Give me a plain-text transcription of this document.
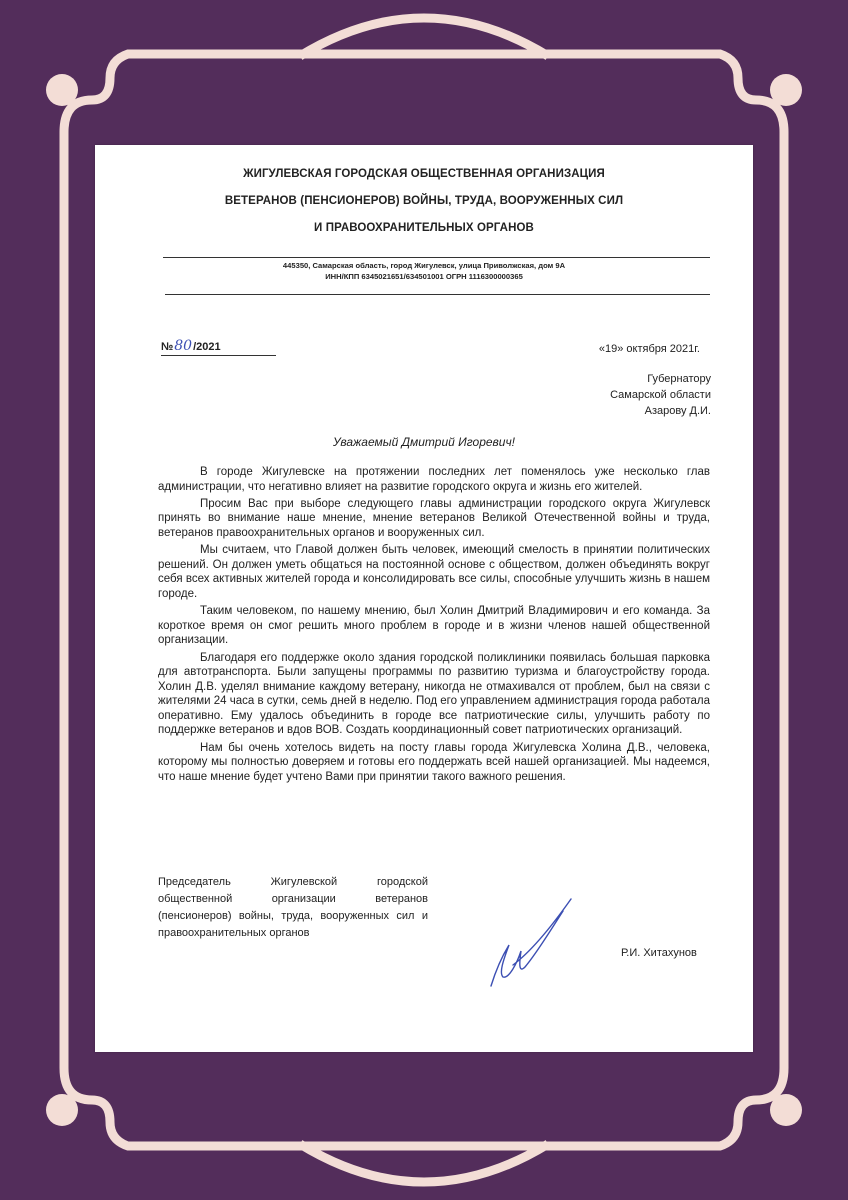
ЖИГУЛЕВСКАЯ ГОРОДСКАЯ ОБЩЕСТВЕННАЯ ОРГАНИЗАЦИЯ
ВЕТЕРАНОВ (ПЕНСИОНЕРОВ) ВОЙНЫ, ТРУДА, ВООРУЖЕННЫХ СИЛ
И ПРАВООХРАНИТЕЛЬНЫХ ОРГАНОВ
445350, Самарская область, город Жигулевск, улица Приволжская, дом 9А
ИНН/КПП 6345021651/634501001 ОГРН 1116300000365
№80/2021	«19» октября 2021г.
Губернатору
Самарской области
Азарову Д.И.
Уважаемый Дмитрий Игоревич!

В городе Жигулевске на протяжении последних лет поменялось уже несколько глав администрации, что негативно влияет на развитие городского округа и жизнь его жителей.

Просим Вас при выборе следующего главы администрации городского округа Жигулевск принять во внимание наше мнение, мнение ветеранов Великой Отечественной войны и труда, ветеранов правоохранительных органов и вооруженных сил.

Мы считаем, что Главой должен быть человек, имеющий смелость в принятии политических решений. Он должен уметь общаться на постоянной основе с обществом, должен объединять вокруг себя всех активных жителей города и консолидировать все силы, способные улучшить жизнь в нашем городе.

Таким человеком, по нашему мнению, был Холин Дмитрий Владимирович и его команда. За короткое время он смог решить много проблем в городе и в жизни членов нашей общественной организации.

Благодаря его поддержке около здания городской поликлиники появилась большая парковка для автотранспорта. Были запущены программы по развитию туризма и благоустройству города. Холин Д.В. уделял внимание каждому ветерану, никогда не отмахивался от проблем, был на связи с жителями 24 часа в сутки, семь дней в неделю. Под его управлением администрация города работала оперативно. Ему удалось объединить в городе все патриотические силы, улучшить работу по поддержке ветеранов и вдов ВОВ. Создать координационный совет патриотических организаций.

Нам бы очень хотелось видеть на посту главы города Жигулевска Холина Д.В., человека, которому мы полностью доверяем и готовы его поддержать всей нашей организацией. Мы надеемся, что наше мнение будет учтено Вами при принятии такого важного решения.

Председатель Жигулевской городской общественной организации ветеранов (пенсионеров) войны, труда, вооруженных сил и правоохранительных органов
Р.И. Хитахунов
